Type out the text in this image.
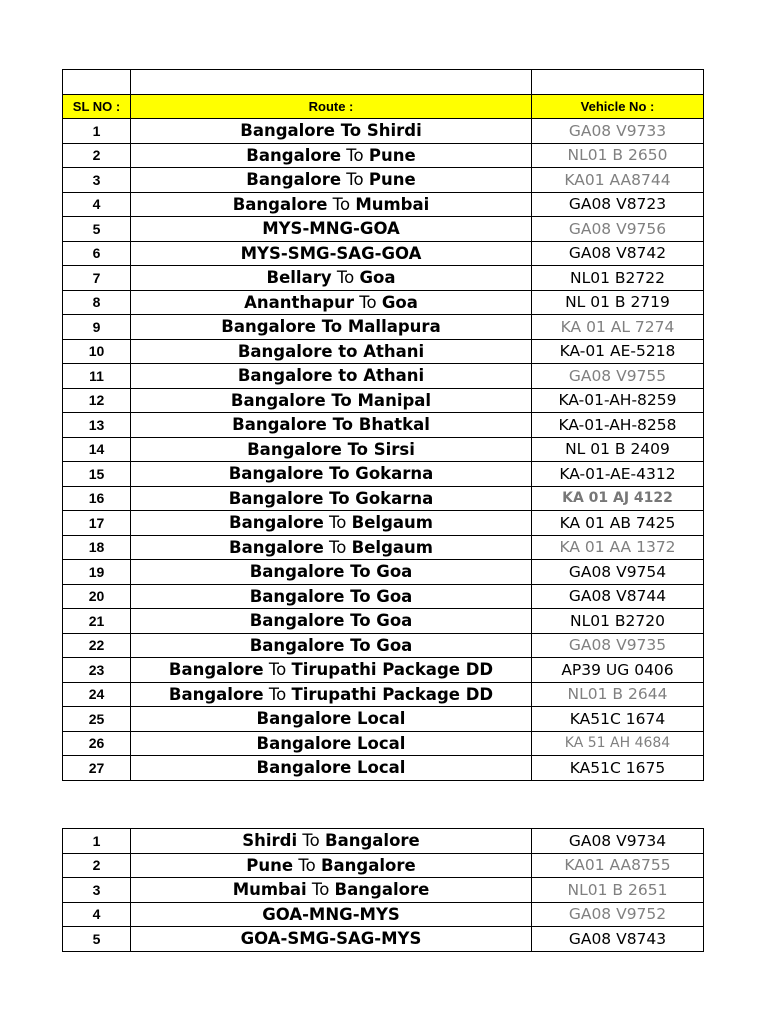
SL NO :	Route :	Vehicle No :
1	Bangalore To Shirdi	GA08 V9733
2	Bangalore To Pune	NL01 B 2650
3	Bangalore To Pune	KA01 AA8744
4	Bangalore To Mumbai	GA08 V8723
5	MYS-MNG-GOA	GA08 V9756
6	MYS-SMG-SAG-GOA	GA08 V8742
7	Bellary To Goa	NL01 B2722
8	Ananthapur To Goa	NL 01 B 2719
9	Bangalore To Mallapura	KA 01 AL 7274
10	Bangalore to Athani	KA-01 AE-5218
11	Bangalore to Athani	GA08 V9755
12	Bangalore To Manipal	KA-01-AH-8259
13	Bangalore To Bhatkal	KA-01-AH-8258
14	Bangalore To Sirsi	NL 01 B 2409
15	Bangalore To Gokarna	KA-01-AE-4312
16	Bangalore To Gokarna	KA 01 AJ 4122
17	Bangalore To Belgaum	KA 01 AB 7425
18	Bangalore To Belgaum	KA 01 AA 1372
19	Bangalore To Goa	GA08 V9754
20	Bangalore To Goa	GA08 V8744
21	Bangalore To Goa	NL01 B2720
22	Bangalore To Goa	GA08 V9735
23	Bangalore To Tirupathi Package DD	AP39 UG 0406
24	Bangalore To Tirupathi Package DD	NL01 B 2644
25	Bangalore Local	KA51C 1674
26	Bangalore Local	KA 51 AH 4684
27	Bangalore Local	KA51C 1675
1	Shirdi To Bangalore	GA08 V9734
2	Pune To Bangalore	KA01 AA8755
3	Mumbai To Bangalore	NL01 B 2651
4	GOA-MNG-MYS	GA08 V9752
5	GOA-SMG-SAG-MYS	GA08 V8743
